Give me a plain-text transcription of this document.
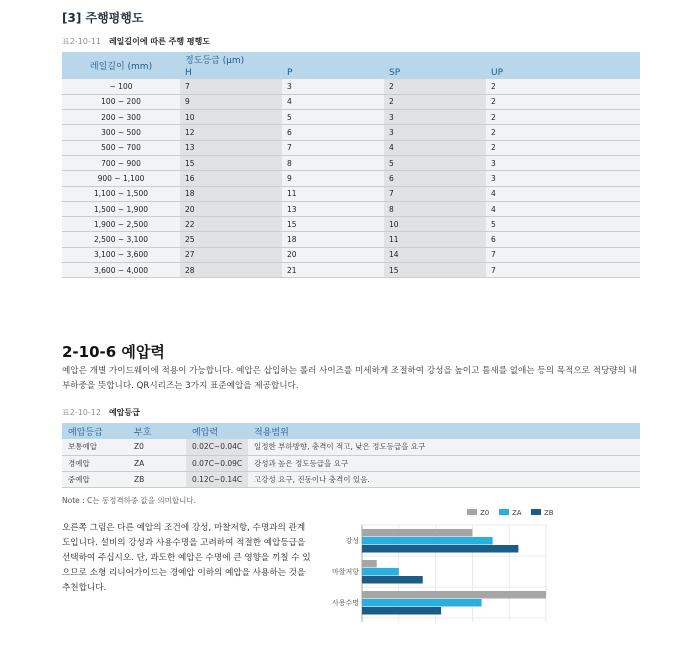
[3] 주행평행도
표2-10-11 레일길이에 따른 주행 평행도
레일길이 (mm)	정도등급 (μm)			
	H	P	SP	UP
~ 100	7	3	2	2
100 ~ 200	9	4	2	2
200 ~ 300	10	5	3	2
300 ~ 500	12	6	3	2
500 ~ 700	13	7	4	2
700 ~ 900	15	8	5	3
900 ~ 1,100	16	9	6	3
1,100 ~ 1,500	18	11	7	4
1,500 ~ 1,900	20	13	8	4
1,900 ~ 2,500	22	15	10	5
2,500 ~ 3,100	25	18	11	6
3,100 ~ 3,600	27	20	14	7
3,600 ~ 4,000	28	21	15	7
2-10-6 예압력
예압은 개별 가이드웨이에 적용이 가능합니다. 예압은 삽입하는 롤러 사이즈를 미세하게 조절하여 강성을 높이고 틈새를 없애는 등의 목적으로 적당량의 내부하중을 뜻합니다. QR시리즈는 3가지 표준예압을 제공합니다.
표2-10-12 예압등급
예압등급	부호	예압력	적용범위
보통예압	Z0	0.02C~0.04C	일정한 부하방향, 충격이 적고, 낮은 정도등급을 요구
경예압	ZA	0.07C~0.09C	강성과 높은 정도등급을 요구
중예압	ZB	0.12C~0.14C	고강성 요구, 진동이나 충격이 있음.
Note : C는 동정격하중 값을 의미합니다.
오른쪽 그림은 다른 예압의 조건에 강성, 마찰저항, 수명과의 관계도입니다. 설비의 강성과 사용수명을 고려하여 적절한 예압등급을 선택하여 주십시오. 단, 과도한 예압은 수명에 큰 영향을 끼칠 수 있으므로 소형 리니어가이드는 경예압 이하의 예압을 사용하는 것을 추천합니다.
강성
마찰저항
사용수명
Z0	ZA	ZB
